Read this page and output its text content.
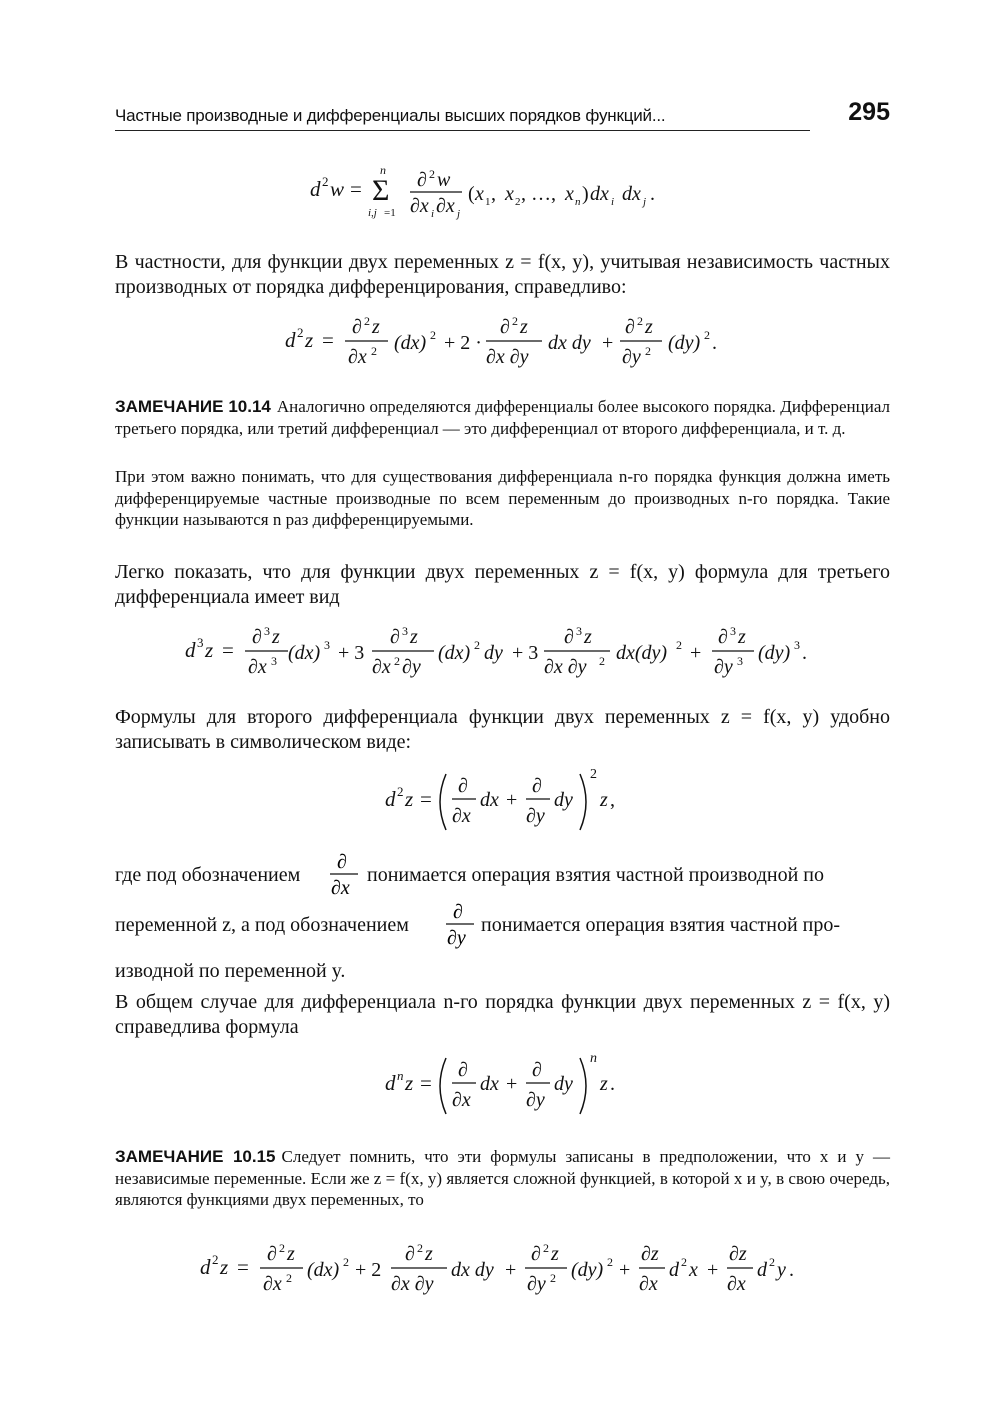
Частные производные и дифференциалы высших порядков функций...	295
d 2 w = Σ
n
i,j =1
∂ 2 w
∂x i ∂x j
( x 1 , x 2 , …, x n ) dx i dx j .
В частности, для функции двух переменных z = f(x, y), учитывая независимость частных производных от порядка дифференцирования, справедливо:
d 2 z =
∂ 2 z
∂x 2 (dx) 2 + 2 ·
∂ 2 z
∂x ∂y
dx dy +
∂ 2 z
∂y 2 (dy) 2 .
ЗАМЕЧАНИЕ 10.14 Аналогично определяются дифференциалы более высокого порядка. Дифференциал третьего порядка, или третий дифференциал — это дифференциал от второго дифференциала, и т. д.
При этом важно понимать, что для существования дифференциала n-го порядка функция должна иметь дифференцируемые частные производные по всем переменным до производных n-го порядка. Такие функции называются n раз дифференцируемыми.
Легко показать, что для функции двух переменных z = f(x, y) формула для третьего дифференциала имеет вид
d 3 z =
∂ 3 z
∂x 3 (dx) 3 + 3
∂ 3 z
∂x 2 ∂y
(dx) 2 dy + 3
∂ 3 z
∂x ∂y 2 dx(dy) 2 +
∂ 3 z
∂y 3 (dy) 3 .
Формулы для второго дифференциала функции двух переменных z = f(x, y) удобно записывать в символическом виде:
d 2 z =
∂
∂x
dx +
∂
∂y
dy
2
z ,
где под обозначением
∂
∂x
понимается операция взятия частной производной по
переменной z, а под обозначением
∂
∂y
понимается операция взятия частной про-
изводной по переменной y.
В общем случае для дифференциала n-го порядка функции двух переменных z = f(x, y) справедлива формула
d n z =
∂
∂x
dx +
∂
∂y
dy
n
z .
ЗАМЕЧАНИЕ 10.15 Следует помнить, что эти формулы записаны в предположении, что x и y — независимые переменные. Если же z = f(x, y) является сложной функцией, в которой x и y, в свою очередь, являются функциями двух переменных, то
d 2 z =
∂ 2 z
∂x 2 (dx) 2 + 2
∂ 2 z
∂x ∂y
dx dy +
∂ 2 z
∂y 2 (dy) 2 +
∂z
∂x
d 2 x +
∂z
∂x
d 2 y .
